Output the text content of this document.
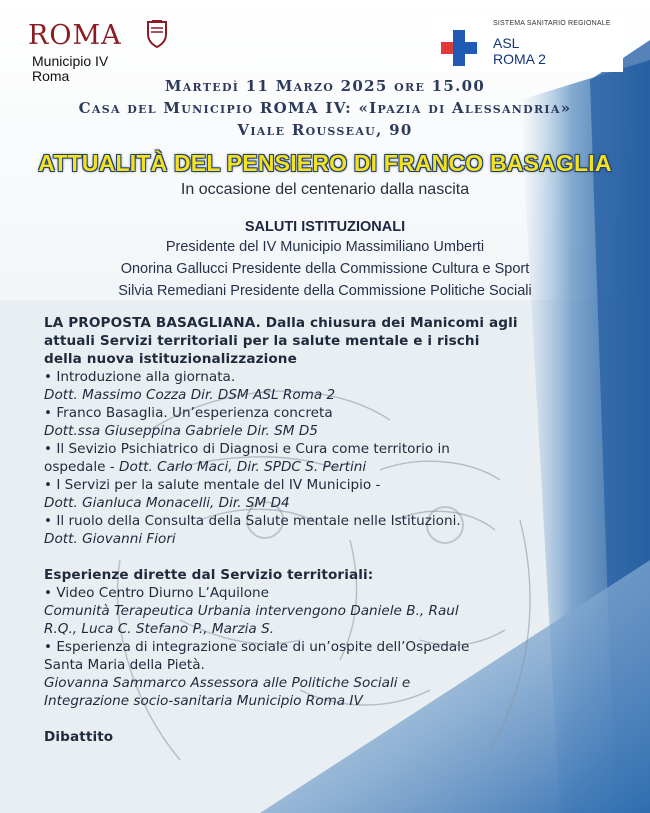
ROMA
Municipio IV
Roma
SISTEMA SANITARIO REGIONALE
ASL
ROMA 2
Martedì 11 Marzo 2025 ore 15.00
Casa del Municipio ROMA IV: «Ipazia di Alessandria»
Viale Rousseau, 90
ATTUALITÀ DEL PENSIERO DI FRANCO BASAGLIA
In occasione del centenario dalla nascita
SALUTI ISTITUZIONALI
Presidente del IV Municipio Massimiliano Umberti
Onorina Gallucci Presidente della Commissione Cultura e Sport
Silvia Remediani Presidente della Commissione Politiche Sociali
LA PROPOSTA BASAGLIANA. Dalla chiusura dei Manicomi agli
attuali Servizi territoriali per la salute mentale e i rischi
della nuova istituzionalizzazione
• Introduzione alla giornata.
Dott. Massimo Cozza Dir. DSM ASL Roma 2
• Franco Basaglia. Un’esperienza concreta
Dott.ssa Giuseppina Gabriele Dir. SM D5
• Il Sevizio Psichiatrico di Diagnosi e Cura come territorio in
ospedale - Dott. Carlo Maci, Dir. SPDC S. Pertini
• I Servizi per la salute mentale del IV Municipio -
Dott. Gianluca Monacelli, Dir. SM D4
• Il ruolo della Consulta della Salute mentale nelle Istituzioni.
Dott. Giovanni Fiori
Esperienze dirette dal Servizio territoriali:
• Video Centro Diurno L’Aquilone
Comunità Terapeutica Urbania intervengono Daniele B., Raul
R.Q., Luca C. Stefano P., Marzia S.
• Esperienza di integrazione sociale di un’ospite dell’Ospedale
Santa Maria della Pietà.
Giovanna Sammarco Assessora alle Politiche Sociali e
Integrazione socio-sanitaria Municipio Roma IV
Dibattito
